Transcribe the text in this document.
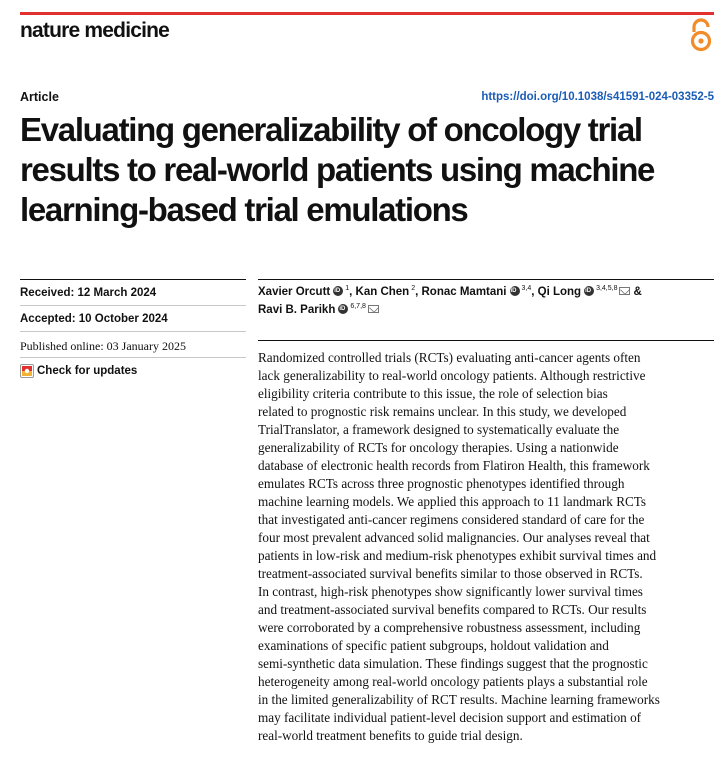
nature medicine
Article	https://doi.org/10.1038/s41591-024-03352-5
Evaluating generalizability of oncology trial
results to real-world patients using machine
learning-based trial emulations
Received: 12 March 2024
Accepted: 10 October 2024
Published online: 03 January 2025
Check for updates
Xavier Orcutt iD 1 , Kan Chen 2 , Ronac Mamtani iD 3,4 , Qi Long iD 3,4,5,8 &
Ravi B. Parikh iD 6,7,8
Randomized controlled trials (RCTs) evaluating anti-cancer agents often
lack generalizability to real-world oncology patients. Although restrictive
eligibility criteria contribute to this issue, the role of selection bias
related to prognostic risk remains unclear. In this study, we developed
TrialTranslator, a framework designed to systematically evaluate the
generalizability of RCTs for oncology therapies. Using a nationwide
database of electronic health records from Flatiron Health, this framework
emulates RCTs across three prognostic phenotypes identified through
machine learning models. We applied this approach to 11 landmark RCTs
that investigated anti-cancer regimens considered standard of care for the
four most prevalent advanced solid malignancies. Our analyses reveal that
patients in low-risk and medium-risk phenotypes exhibit survival times and
treatment-associated survival benefits similar to those observed in RCTs.
In contrast, high-risk phenotypes show significantly lower survival times
and treatment-associated survival benefits compared to RCTs. Our results
were corroborated by a comprehensive robustness assessment, including
examinations of specific patient subgroups, holdout validation and
semi-synthetic data simulation. These findings suggest that the prognostic
heterogeneity among real-world oncology patients plays a substantial role
in the limited generalizability of RCT results. Machine learning frameworks
may facilitate individual patient-level decision support and estimation of
real-world treatment benefits to guide trial design.
